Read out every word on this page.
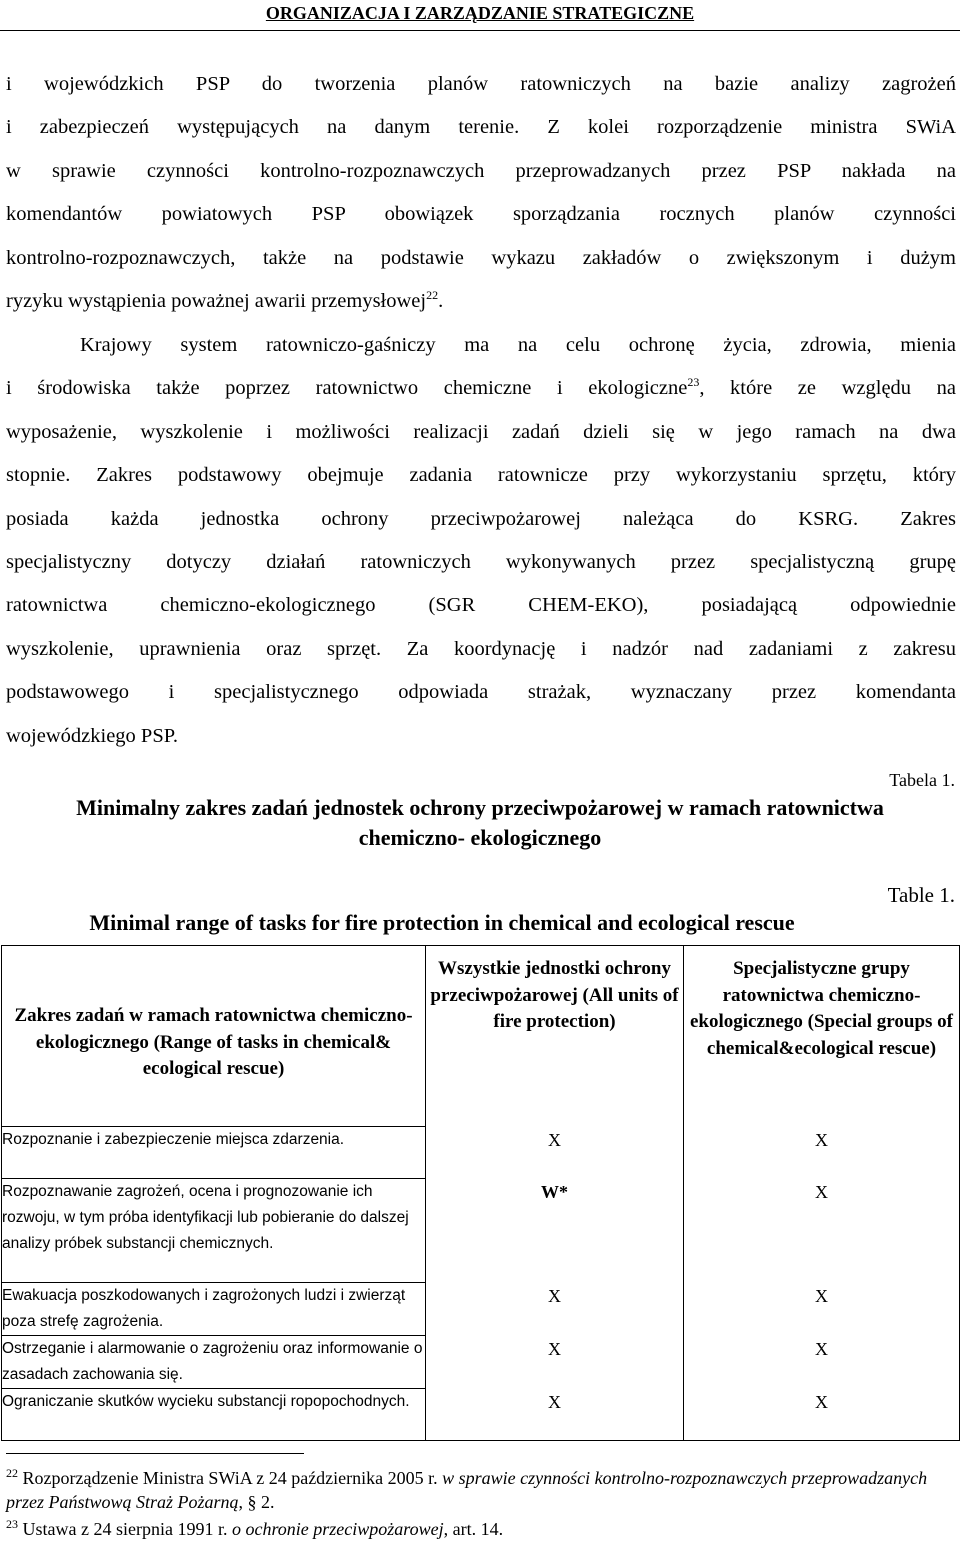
ORGANIZACJA I ZARZĄDZANIE STRATEGICZNE
i wojewódzkich PSP do tworzenia planów ratowniczych na bazie analizy zagrożeń
i zabezpieczeń występujących na danym terenie. Z kolei rozporządzenie ministra SWiA
w sprawie czynności kontrolno-rozpoznawczych przeprowadzanych przez PSP nakłada na
komendantów powiatowych PSP obowiązek sporządzania rocznych planów czynności
kontrolno-rozpoznawczych, także na podstawie wykazu zakładów o zwiększonym i dużym
ryzyku wystąpienia poważnej awarii przemysłowej$^{22}$.
Krajowy system ratowniczo-gaśniczy ma na celu ochronę życia, zdrowia, mienia
i środowiska także poprzez ratownictwo chemiczne i ekologiczne$^{23}$, które ze względu na
wyposażenie, wyszkolenie i możliwości realizacji zadań dzieli się w jego ramach na dwa
stopnie. Zakres podstawowy obejmuje zadania ratownicze przy wykorzystaniu sprzętu, który
posiada każda jednostka ochrony przeciwpożarowej należąca do KSRG. Zakres
specjalistyczny dotyczy działań ratowniczych wykonywanych przez specjalistyczną grupę
ratownictwa chemiczno-ekologicznego (SGR CHEM-EKO), posiadającą odpowiednie
wyszkolenie, uprawnienia oraz sprzęt. Za koordynację i nadzór nad zadaniami z zakresu
podstawowego i specjalistycznego odpowiada strażak, wyznaczany przez komendanta
wojewódzkiego PSP.
Tabela 1.
Minimalny zakres zadań jednostek ochrony przeciwpożarowej w ramach ratownictwa
chemiczno- ekologicznego
Table 1.
Minimal range of tasks for fire protection in chemical and ecological rescue
Zakres zadań w ramach ratownictwa chemiczno-ekologicznego (Range of tasks in chemical& ecological rescue)	Wszystkie jednostki ochrony przeciwpożarowej (All units of fire protection)	Specjalistyczne grupy ratownictwa chemiczno-ekologicznego (Special groups of chemical&ecological rescue)
Rozpoznanie i zabezpieczenie miejsca zdarzenia.	X	X
Rozpoznawanie zagrożeń, ocena i prognozowanie ich rozwoju, w tym próba identyfikacji lub pobieranie do dalszej analizy próbek substancji chemicznych.	W*	X
Ewakuacja poszkodowanych i zagrożonych ludzi i zwierząt poza strefę zagrożenia.	X	X
Ostrzeganie i alarmowanie o zagrożeniu oraz informowanie o zasadach zachowania się.	X	X
Ograniczanie skutków wycieku substancji ropopochodnych.	X	X
$^{22}$ Rozporządzenie Ministra SWiA z 24 października 2005 r. w sprawie czynności kontrolno-rozpoznawczych przeprowadzanych przez Państwową Straż Pożarną, § 2.
$^{23}$ Ustawa z 24 sierpnia 1991 r. o ochronie przeciwpożarowej, art. 14.
